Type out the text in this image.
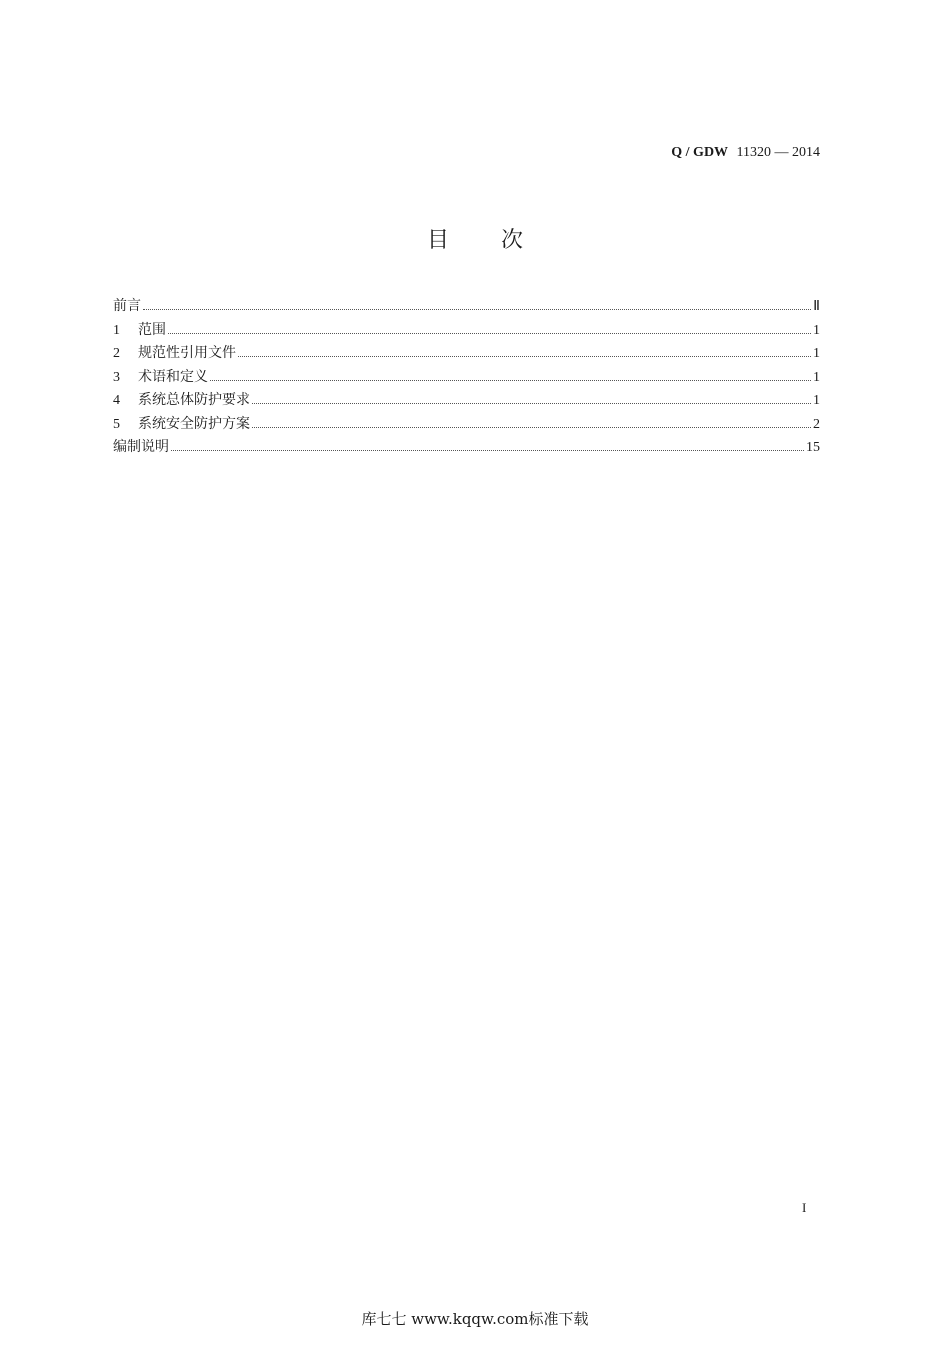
Q / GDW 11320 — 2014
目次
前言	Ⅱ
1	范围	1
2	规范性引用文件	1
3	术语和定义	1
4	系统总体防护要求	1
5	系统安全防护方案	2
编制说明	15
I
库七七 www.kqqw.com标准下载
